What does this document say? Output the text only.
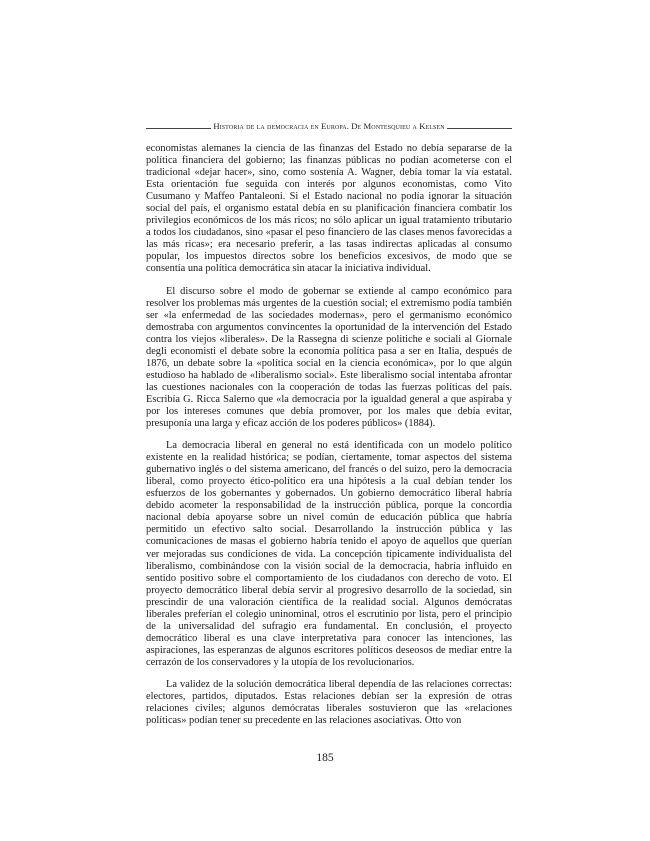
Historia de la democracia en Europa. De Montesquieu a Kelsen

economistas alemanes la ciencia de las finanzas del Estado no debía separarse de la política financiera del gobierno; las finanzas públicas no podían acometerse con el tradicional «dejar hacer», sino, como sostenía A. Wagner, debía tomar la vía estatal. Esta orientación fue seguida con interés por algunos economistas, como Vito Cusumano y Maffeo Pantaleoni. Si el Estado nacional no podía ignorar la situación social del país, el organismo estatal debía en su planificación financiera combatir los privilegios económicos de los más ricos; no sólo aplicar un igual tratamiento tributario a todos los ciudadanos, sino «pasar el peso financiero de las clases menos favorecidas a las más ricas»; era necesario preferir, a las tasas indirectas aplicadas al consumo popular, los impuestos directos sobre los beneficios excesivos, de modo que se consentía una política democrática sin atacar la iniciativa individual.

El discurso sobre el modo de gobernar se extiende al campo económico para resolver los problemas más urgentes de la cuestión social; el extremismo podía también ser «la enfermedad de las sociedades modernas», pero el germanismo económico demostraba con argumentos convincentes la oportunidad de la intervención del Estado contra los viejos «liberales». De la Rassegna di scienze politiche e sociali al Giornale degli economisti el debate sobre la economía política pasa a ser en Italia, después de 1876, un debate sobre la «política social en la ciencia económica», por lo que algún estudioso ha hablado de «liberalismo social». Este liberalismo social intentaba afrontar las cuestiones nacionales con la cooperación de todas las fuerzas políticas del país. Escribía G. Ricca Salerno que «la democracia por la igualdad general a que aspiraba y por los intereses comunes que debía promover, por los males que debía evitar, presuponía una larga y eficaz acción de los poderes públicos» (1884).

La democracia liberal en general no está identificada con un modelo político existente en la realidad histórica; se podían, ciertamente, tomar aspectos del sistema gubernativo inglés o del sistema americano, del francés o del suizo, pero la democracia liberal, como proyecto ético-político era una hipótesis a la cual debían tender los esfuerzos de los gobernantes y gobernados. Un gobierno democrático liberal habría debido acometer la responsabilidad de la instrucción pública, porque la concordia nacional debía apoyarse sobre un nivel común de educación pública que habría permitido un efectivo salto social. Desarrollando la instrucción pública y las comunicaciones de masas el gobierno habría tenido el apoyo de aquellos que querían ver mejoradas sus condiciones de vida. La concepción típicamente individualista del liberalismo, combinándose con la visión social de la democracia, habría influido en sentido positivo sobre el comportamiento de los ciudadanos con derecho de voto. El proyecto democrático liberal debía servir al progresivo desarrollo de la sociedad, sin prescindir de una valoración científica de la realidad social. Algunos demócratas liberales preferían el colegio uninominal, otros el escrutinio por lista, pero el principio de la universalidad del sufragio era fundamental. En conclusión, el proyecto democrático liberal es una clave interpretativa para conocer las intenciones, las aspiraciones, las esperanzas de algunos escritores políticos deseosos de mediar entre la cerrazón de los conservadores y la utopía de los revolucionarios.

La validez de la solución democrática liberal dependía de las relaciones correctas: electores, partidos, diputados. Estas relaciones debían ser la expresión de otras relaciones civiles; algunos demócratas liberales sostuvieron que las «relaciones políticas» podían tener su precedente en las relaciones asociativas. Otto von

185
